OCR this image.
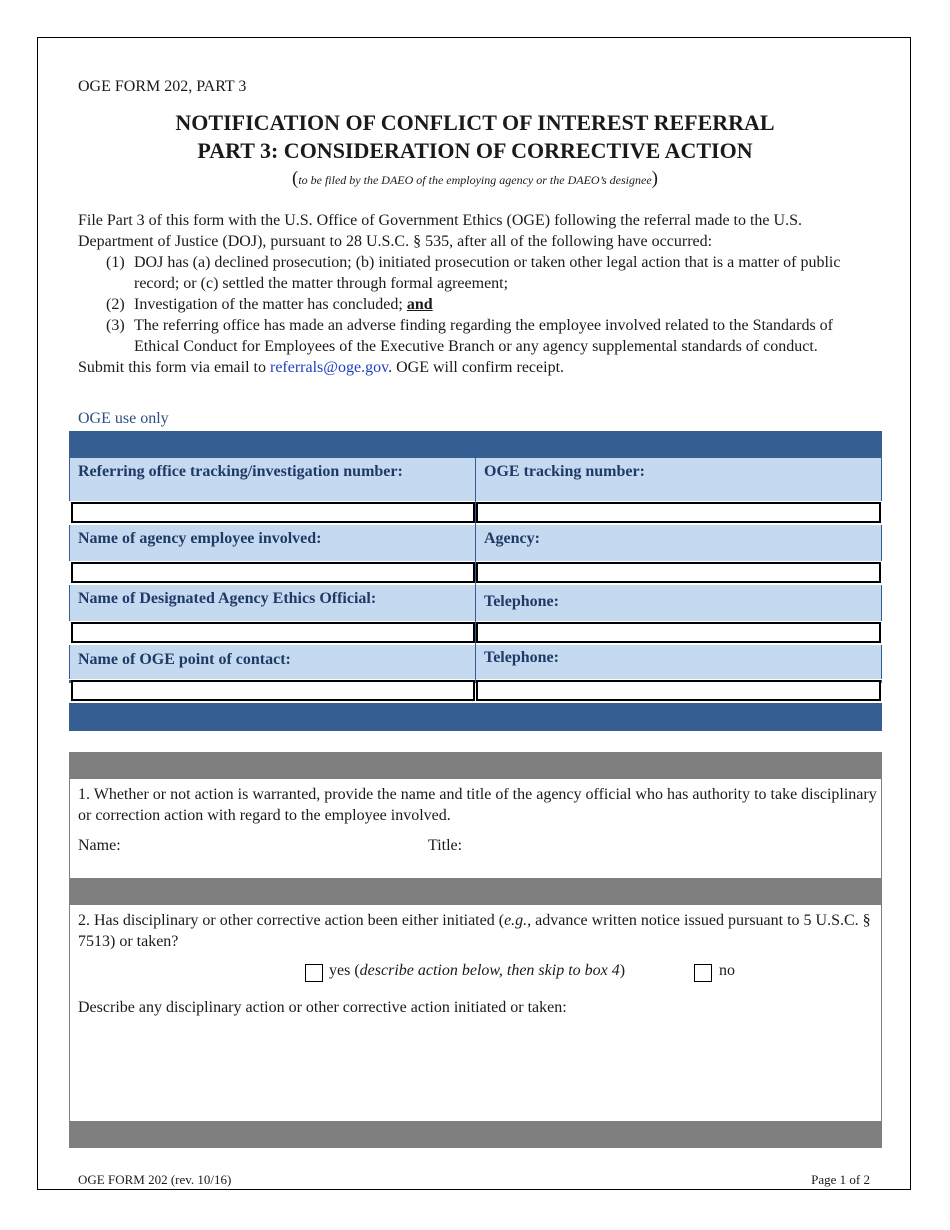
OGE FORM 202, PART 3
NOTIFICATION OF CONFLICT OF INTEREST REFERRAL
PART 3: CONSIDERATION OF CORRECTIVE ACTION
(to be filed by the DAEO of the employing agency or the DAEO’s designee)

File Part 3 of this form with the U.S. Office of Government Ethics (OGE) following the referral made to the U.S. Department of Justice (DOJ), pursuant to 28 U.S.C. § 535, after all of the following have occurred:

(1) DOJ has (a) declined prosecution; (b) initiated prosecution or taken other legal action that is a matter of public record; or (c) settled the matter through formal agreement;
(2) Investigation of the matter has concluded; and
(3) The referring office has made an adverse finding regarding the employee involved related to the Standards of Ethical Conduct for Employees of the Executive Branch or any agency supplemental standards of conduct.

Submit this form via email to referrals@oge.gov. OGE will confirm receipt.

OGE use only
Referring office tracking/investigation number:	OGE tracking number:
Name of agency employee involved:	Agency:
Name of Designated Agency Ethics Official:	Telephone:
Name of OGE point of contact:	Telephone:
1. Whether or not action is warranted, provide the name and title of the agency official who has authority to take disciplinary or correction action with regard to the employee involved.
Name:	Title:
2. Has disciplinary or other corrective action been either initiated (e.g., advance written notice issued pursuant to 5 U.S.C. § 7513) or taken?
yes (describe action below, then skip to box 4)	no
Describe any disciplinary action or other corrective action initiated or taken:
OGE FORM 202 (rev. 10/16)	Page 1 of 2
